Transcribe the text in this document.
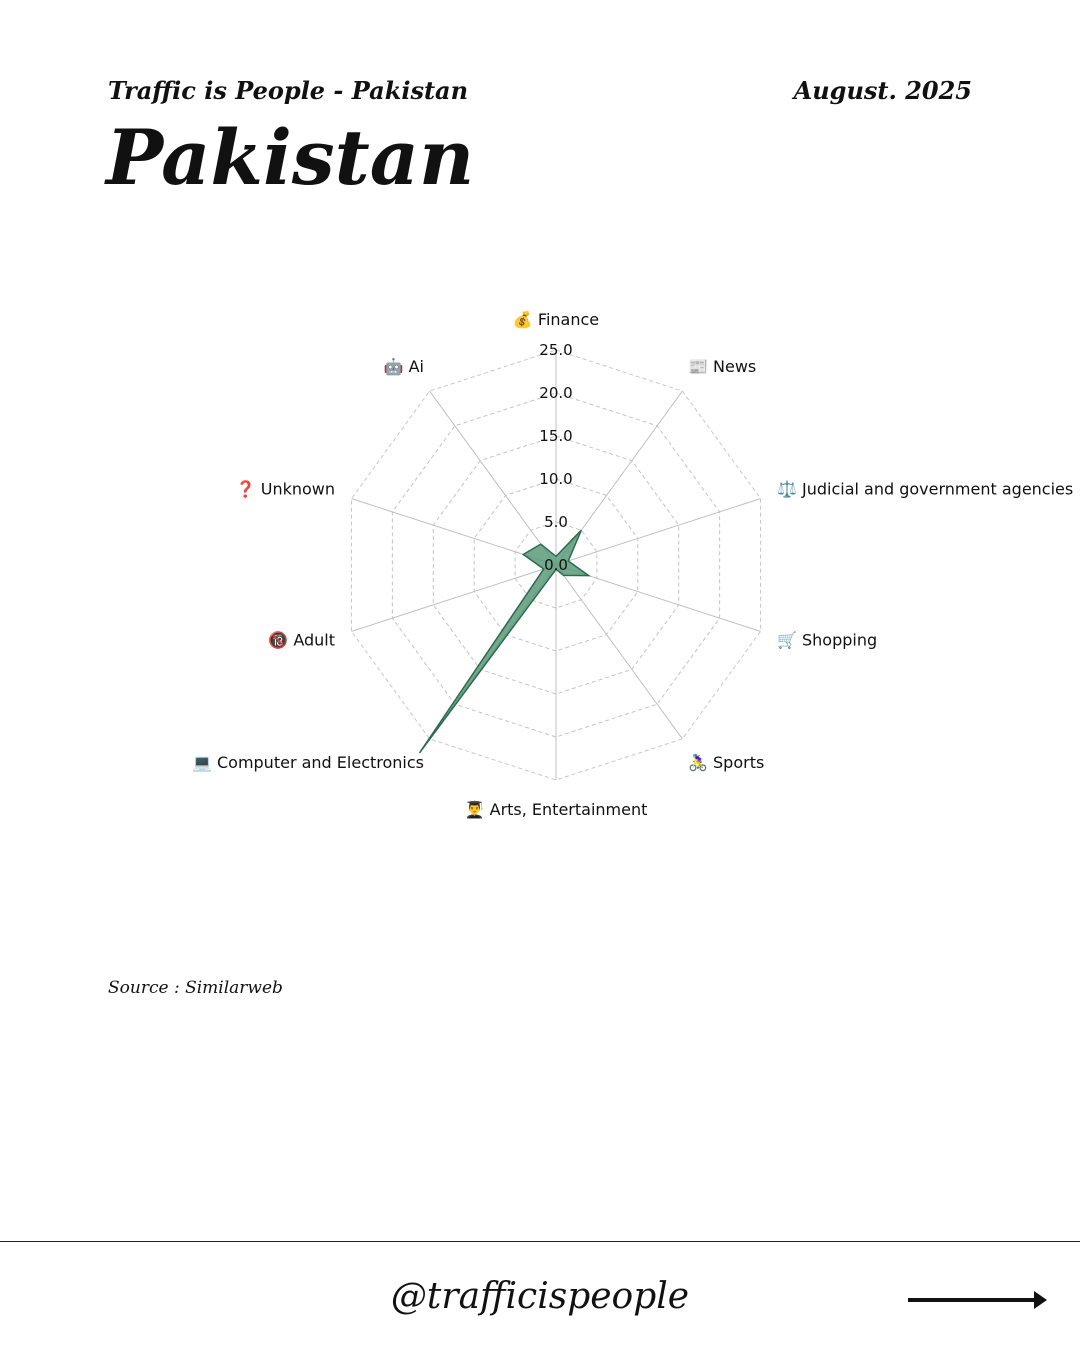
Traffic is People - Pakistan	August. 2025
Pakistan
0.0
5.0
10.0
15.0
20.0
25.0
💰 Finance
📰 News
⚖️ Judicial and government agencies
🛒 Shopping
🚴‍♀️ Sports
👨‍🎓 Arts, Entertainment
💻 Computer and Electronics
🔞 Adult
❓ Unknown
🤖 Ai
Source : Similarweb
@trafficispeople
